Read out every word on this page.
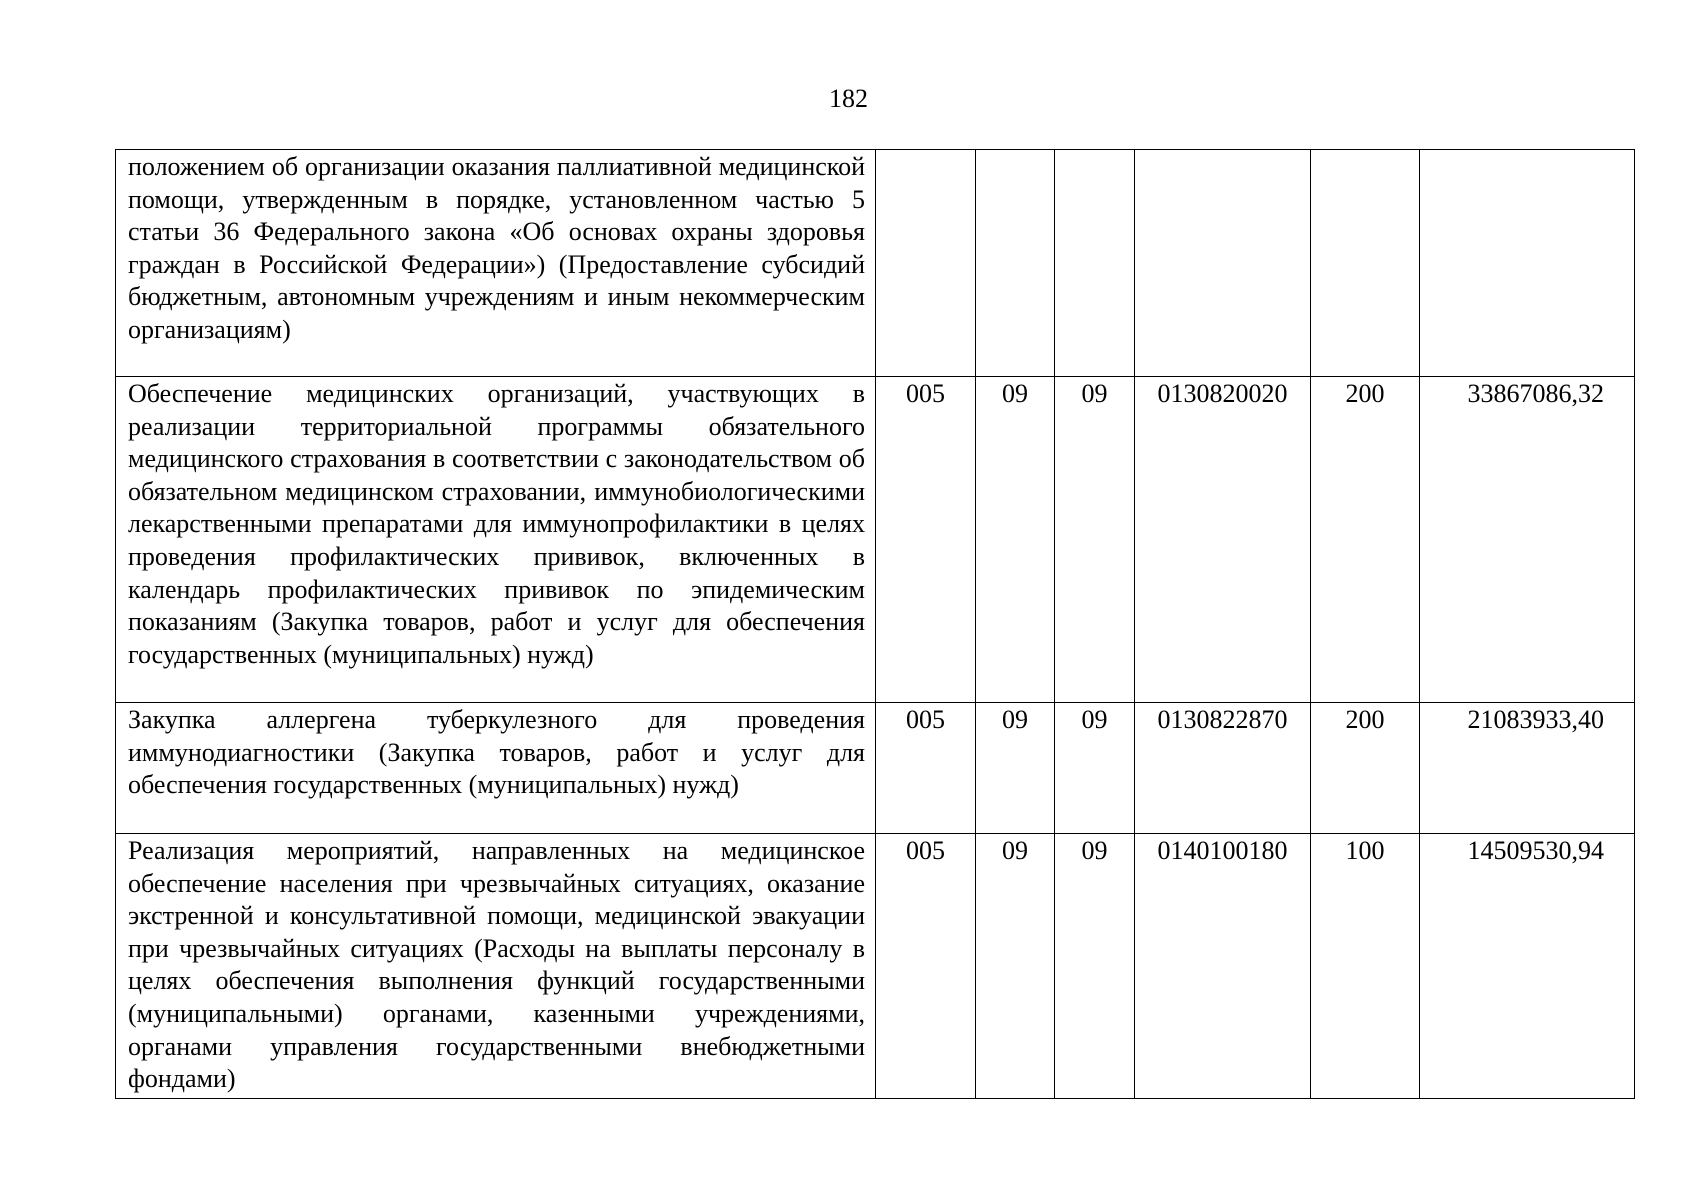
182
положением об организации оказания паллиативной медицинской помощи, утвержденным в порядке, установленном частью 5 статьи 36 Федерального закона «Об основах охраны здоровья граждан в Российской Федерации») (Предоставление субсидий бюджетным, автономным учреждениям и иным некоммерческим организациям)						
Обеспечение медицинских организаций, участвующих в реализации территориальной программы обязательного медицинского страхования в соответствии с законодательством об обязательном медицинском страховании, иммунобиологическими лекарственными препаратами для иммунопрофилактики в целях проведения профилактических прививок, включенных в календарь профилактических прививок по эпидемическим показаниям (Закупка товаров, работ и услуг для обеспечения государственных (муниципальных) нужд)	005	09	09	0130820020	200	33867086,32
Закупка аллергена туберкулезного для проведения иммунодиагностики (Закупка товаров, работ и услуг для обеспечения государственных (муниципальных) нужд)	005	09	09	0130822870	200	21083933,40
Реализация мероприятий, направленных на медицинское обеспечение населения при чрезвычайных ситуациях, оказание экстренной и консультативной помощи, медицинской эвакуации при чрезвычайных ситуациях (Расходы на выплаты персоналу в целях обеспечения выполнения функций государственными (муниципальными) органами, казенными учреждениями, органами управления государственными внебюджетными фондами)	005	09	09	0140100180	100	14509530,94
